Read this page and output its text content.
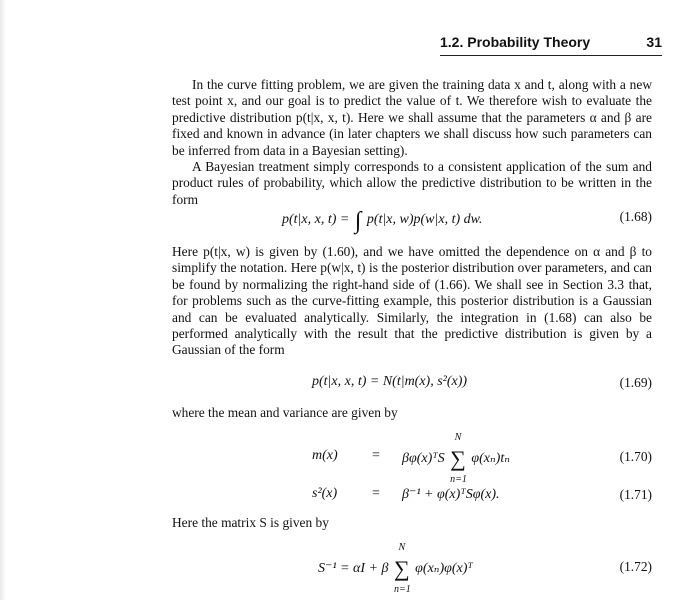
1.2. Probability Theory	31
In the curve fitting problem, we are given the training data x and t, along with a new test point x, and our goal is to predict the value of t. We therefore wish to evaluate the predictive distribution p(t|x, x, t). Here we shall assume that the parameters α and β are fixed and known in advance (in later chapters we shall discuss how such parameters can be inferred from data in a Bayesian setting).
A Bayesian treatment simply corresponds to a consistent application of the sum and product rules of probability, which allow the predictive distribution to be written in the form
p(t|x, x, t) = ∫ p(t|x, w)p(w|x, t) dw.	(1.68)
Here p(t|x, w) is given by (1.60), and we have omitted the dependence on α and β to simplify the notation. Here p(w|x, t) is the posterior distribution over parameters, and can be found by normalizing the right-hand side of (1.66). We shall see in Section 3.3 that, for problems such as the curve-fitting example, this posterior distribution is a Gaussian and can be evaluated analytically. Similarly, the integration in (1.68) can also be performed analytically with the result that the predictive distribution is given by a Gaussian of the form
p(t|x, x, t) = N(t|m(x), s²(x))	(1.69)
where the mean and variance are given by
m(x) = βφ(x)ᵀS
N
∑
n=1
φ(xₙ)tₙ	(1.70)
s²(x) = β⁻¹ + φ(x)ᵀSφ(x).	(1.71)
Here the matrix S is given by
S⁻¹ = αI + β
N
∑
n=1
φ(xₙ)φ(x)ᵀ	(1.72)
